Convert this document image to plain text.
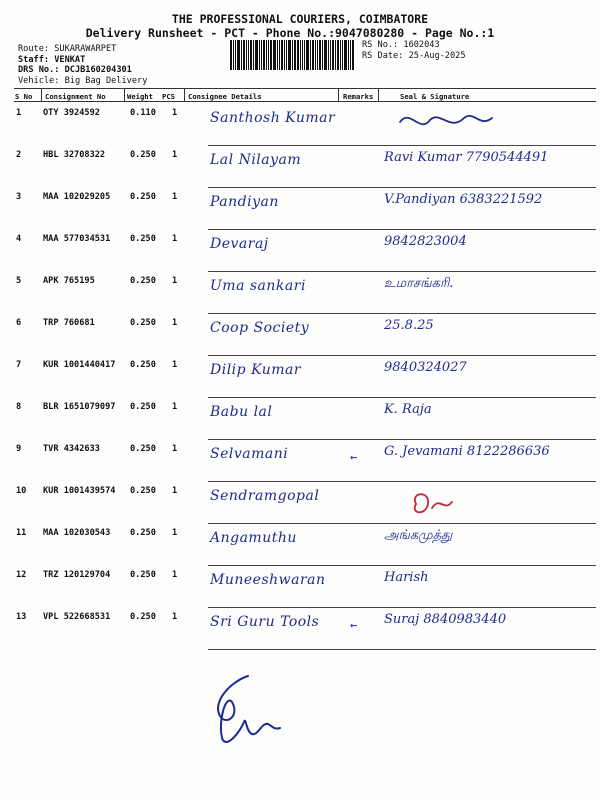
THE PROFESSIONAL COURIERS, COIMBATORE
Delivery Runsheet - PCT - Phone No.:9047080280 - Page No.:1
Route: SUKARAWARPET
Staff: VENKAT
DRS No.: DCJB160204301
Vehicle: Big Bag Delivery
RS No.: 1602043
RS Date: 25-Aug-2025
S No Consignment No	Weight PCS Consignee Details	Remarks	Seal & Signature
1	OTY 3924592	0.110 1 Santhosh Kumar
2	HBL 32708322	0.250 1 Lal Nilayam	Ravi Kumar 7790544491
3	MAA 102029205 0.250 1 Pandiyan	V.Pandiyan 6383221592
4	MAA 577034531 0.250 1 Devaraj	9842823004
5	APK 765195	0.250 1 Uma sankari	உமாசங்கரி.
6	TRP 760681	0.250 1 Coop Society	25.8.25
7	KUR 1001440417 0.250 1 Dilip Kumar	9840324027
8	BLR 1651079097 0.250 1 Babu lal	K. Raja
9	TVR 4342633	0.250 1 Selvamani	← G. Jevamani 8122286636
10 KUR 1001439574 0.250 1 Sendramgopal
11 MAA 102030543 0.250 1 Angamuthu	அங்கமுத்து
12 TRZ 120129704 0.250 1 Muneeshwaran	Harish
13 VPL 522668531 0.250 1 Sri Guru Tools	← Suraj 8840983440
